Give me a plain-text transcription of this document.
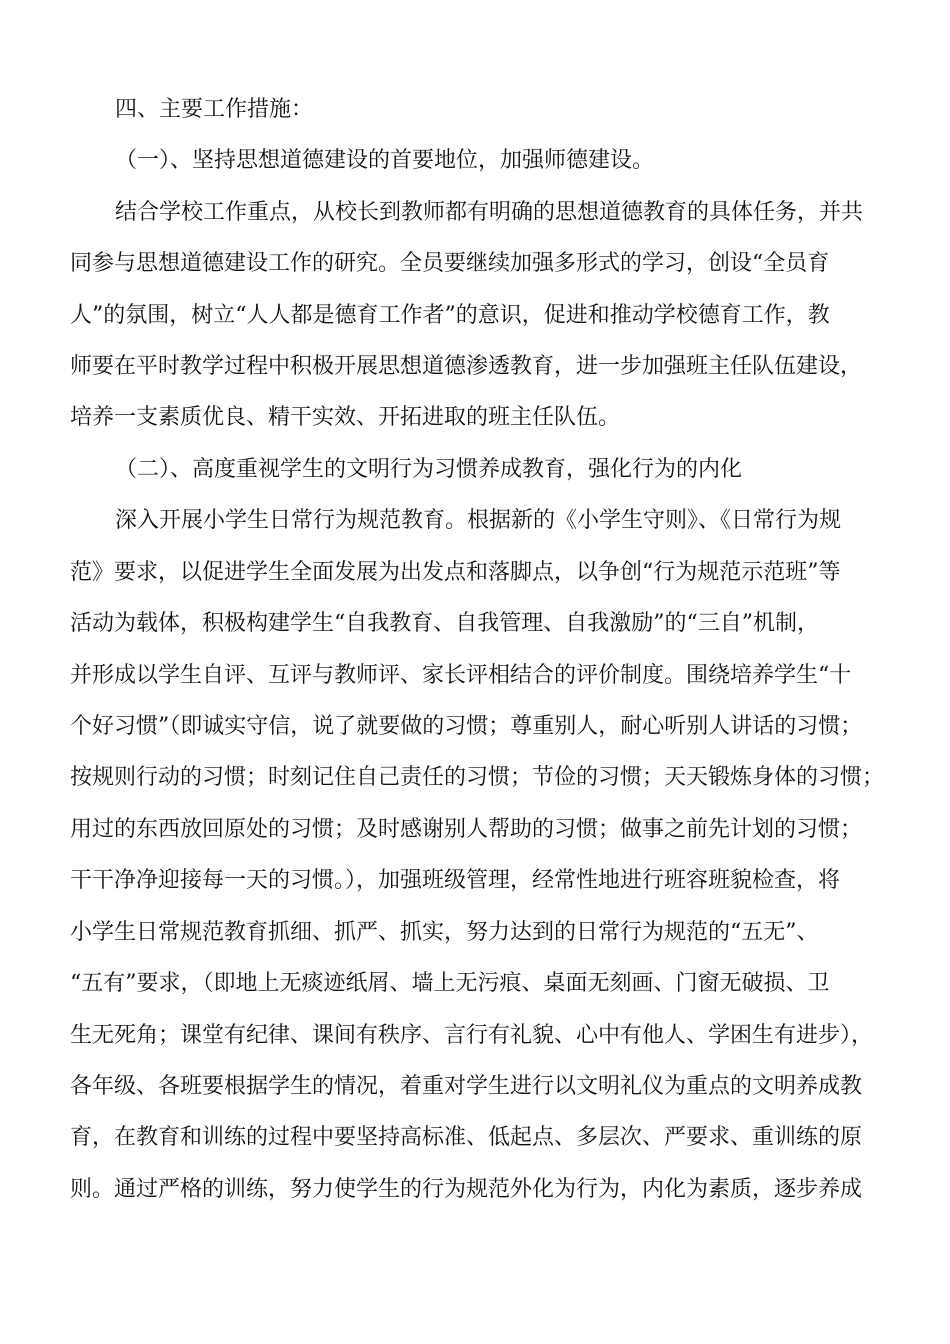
四、主要工作措施：
（一）、坚持思想道德建设的首要地位，加强师德建设。
结合学校工作重点，从校长到教师都有明确的思想道德教育的具体任务，并共
同参与思想道德建设工作的研究。全员要继续加强多形式的学习，创设“全员育
人”的氛围，树立“人人都是德育工作者”的意识，促进和推动学校德育工作，教
师要在平时教学过程中积极开展思想道德渗透教育，进一步加强班主任队伍建设，
培养一支素质优良、精干实效、开拓进取的班主任队伍。
（二）、高度重视学生的文明行为习惯养成教育，强化行为的内化
深入开展小学生日常行为规范教育。根据新的《小学生守则》、《日常行为规
范》要求，以促进学生全面发展为出发点和落脚点，以争创“行为规范示范班”等
活动为载体，积极构建学生“自我教育、自我管理、自我激励”的“三自”机制，
并形成以学生自评、互评与教师评、家长评相结合的评价制度。围绕培养学生“十
个好习惯”（即诚实守信，说了就要做的习惯；尊重别人，耐心听别人讲话的习惯；
按规则行动的习惯；时刻记住自己责任的习惯；节俭的习惯；天天锻炼身体的习惯；
用过的东西放回原处的习惯；及时感谢别人帮助的习惯；做事之前先计划的习惯；
干干净净迎接每一天的习惯。），加强班级管理，经常性地进行班容班貌检查，将
小学生日常规范教育抓细、抓严、抓实，努力达到的日常行为规范的“五无”、
“五有”要求，（即地上无痰迹纸屑、墙上无污痕、桌面无刻画、门窗无破损、卫
生无死角；课堂有纪律、课间有秩序、言行有礼貌、心中有他人、学困生有进步），
各年级、各班要根据学生的情况，着重对学生进行以文明礼仪为重点的文明养成教
育，在教育和训练的过程中要坚持高标准、低起点、多层次、严要求、重训练的原
则。通过严格的训练，努力使学生的行为规范外化为行为，内化为素质，逐步养成
